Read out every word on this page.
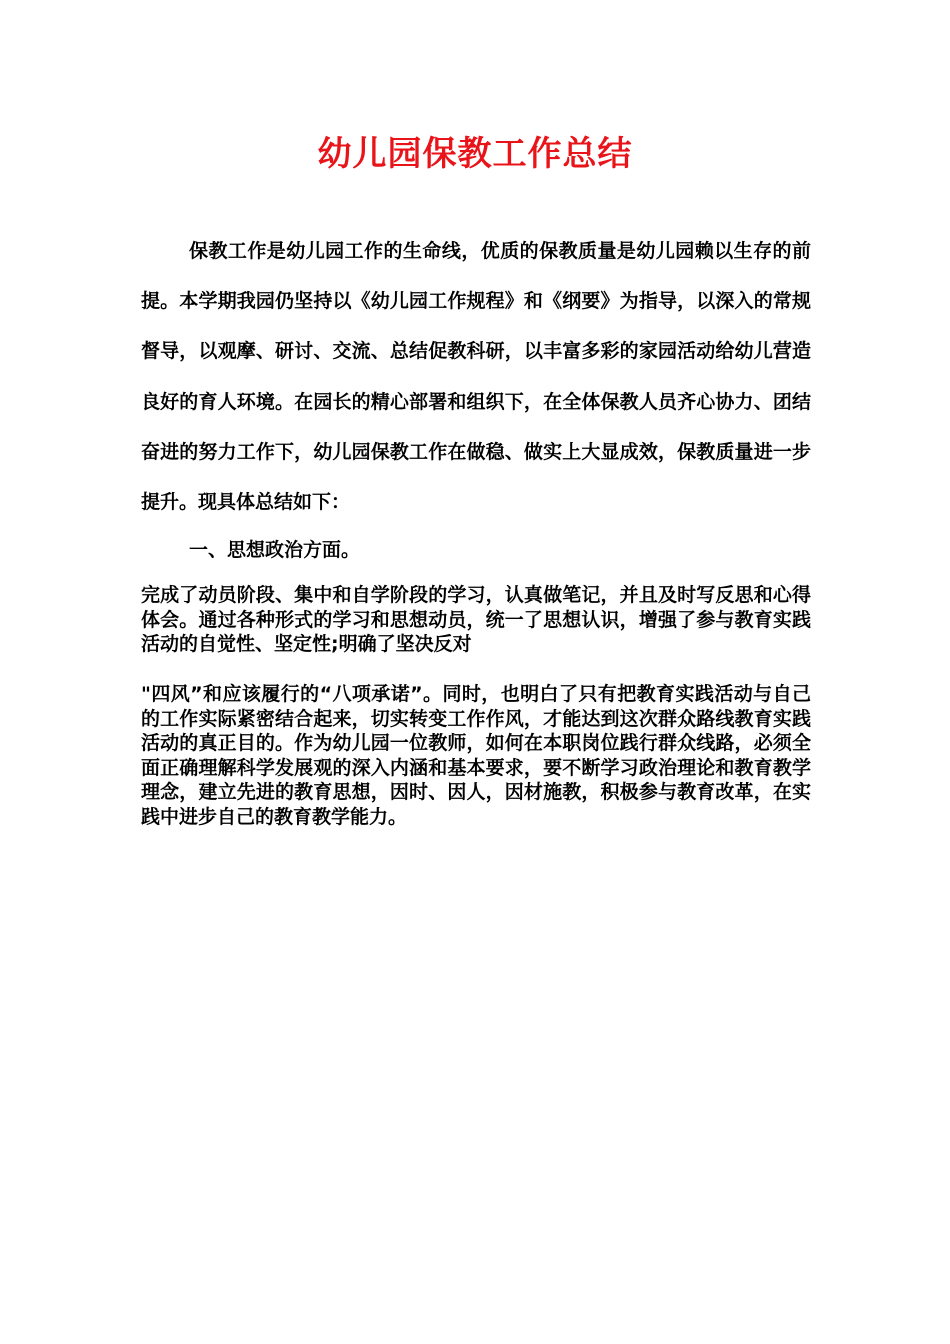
幼儿园保教工作总结

保教工作是幼儿园工作的生命线，优质的保教质量是幼儿园赖以生存的前提。本学期我园仍坚持以《幼儿园工作规程》和《纲要》为指导，以深入的常规督导，以观摩、研讨、交流、总结促教科研，以丰富多彩的家园活动给幼儿营造良好的育人环境。在园长的精心部署和组织下，在全体保教人员齐心协力、团结奋进的努力工作下，幼儿园保教工作在做稳、做实上大显成效，保教质量进一步提升。现具体总结如下：

一、思想政治方面。

完成了动员阶段、集中和自学阶段的学习，认真做笔记，并且及时写反思和心得体会。通过各种形式的学习和思想动员，统一了思想认识，增强了参与教育实践活动的自觉性、坚定性;明确了坚决反对

"四风”和应该履行的“八项承诺”。同时，也明白了只有把教育实践活动与自己的工作实际紧密结合起来，切实转变工作作风，才能达到这次群众路线教育实践活动的真正目的。作为幼儿园一位教师，如何在本职岗位践行群众线路，必须全面正确理解科学发展观的深入内涵和基本要求，要不断学习政治理论和教育教学理念，建立先进的教育思想，因时、因人，因材施教，积极参与教育改革，在实践中进步自己的教育教学能力。
